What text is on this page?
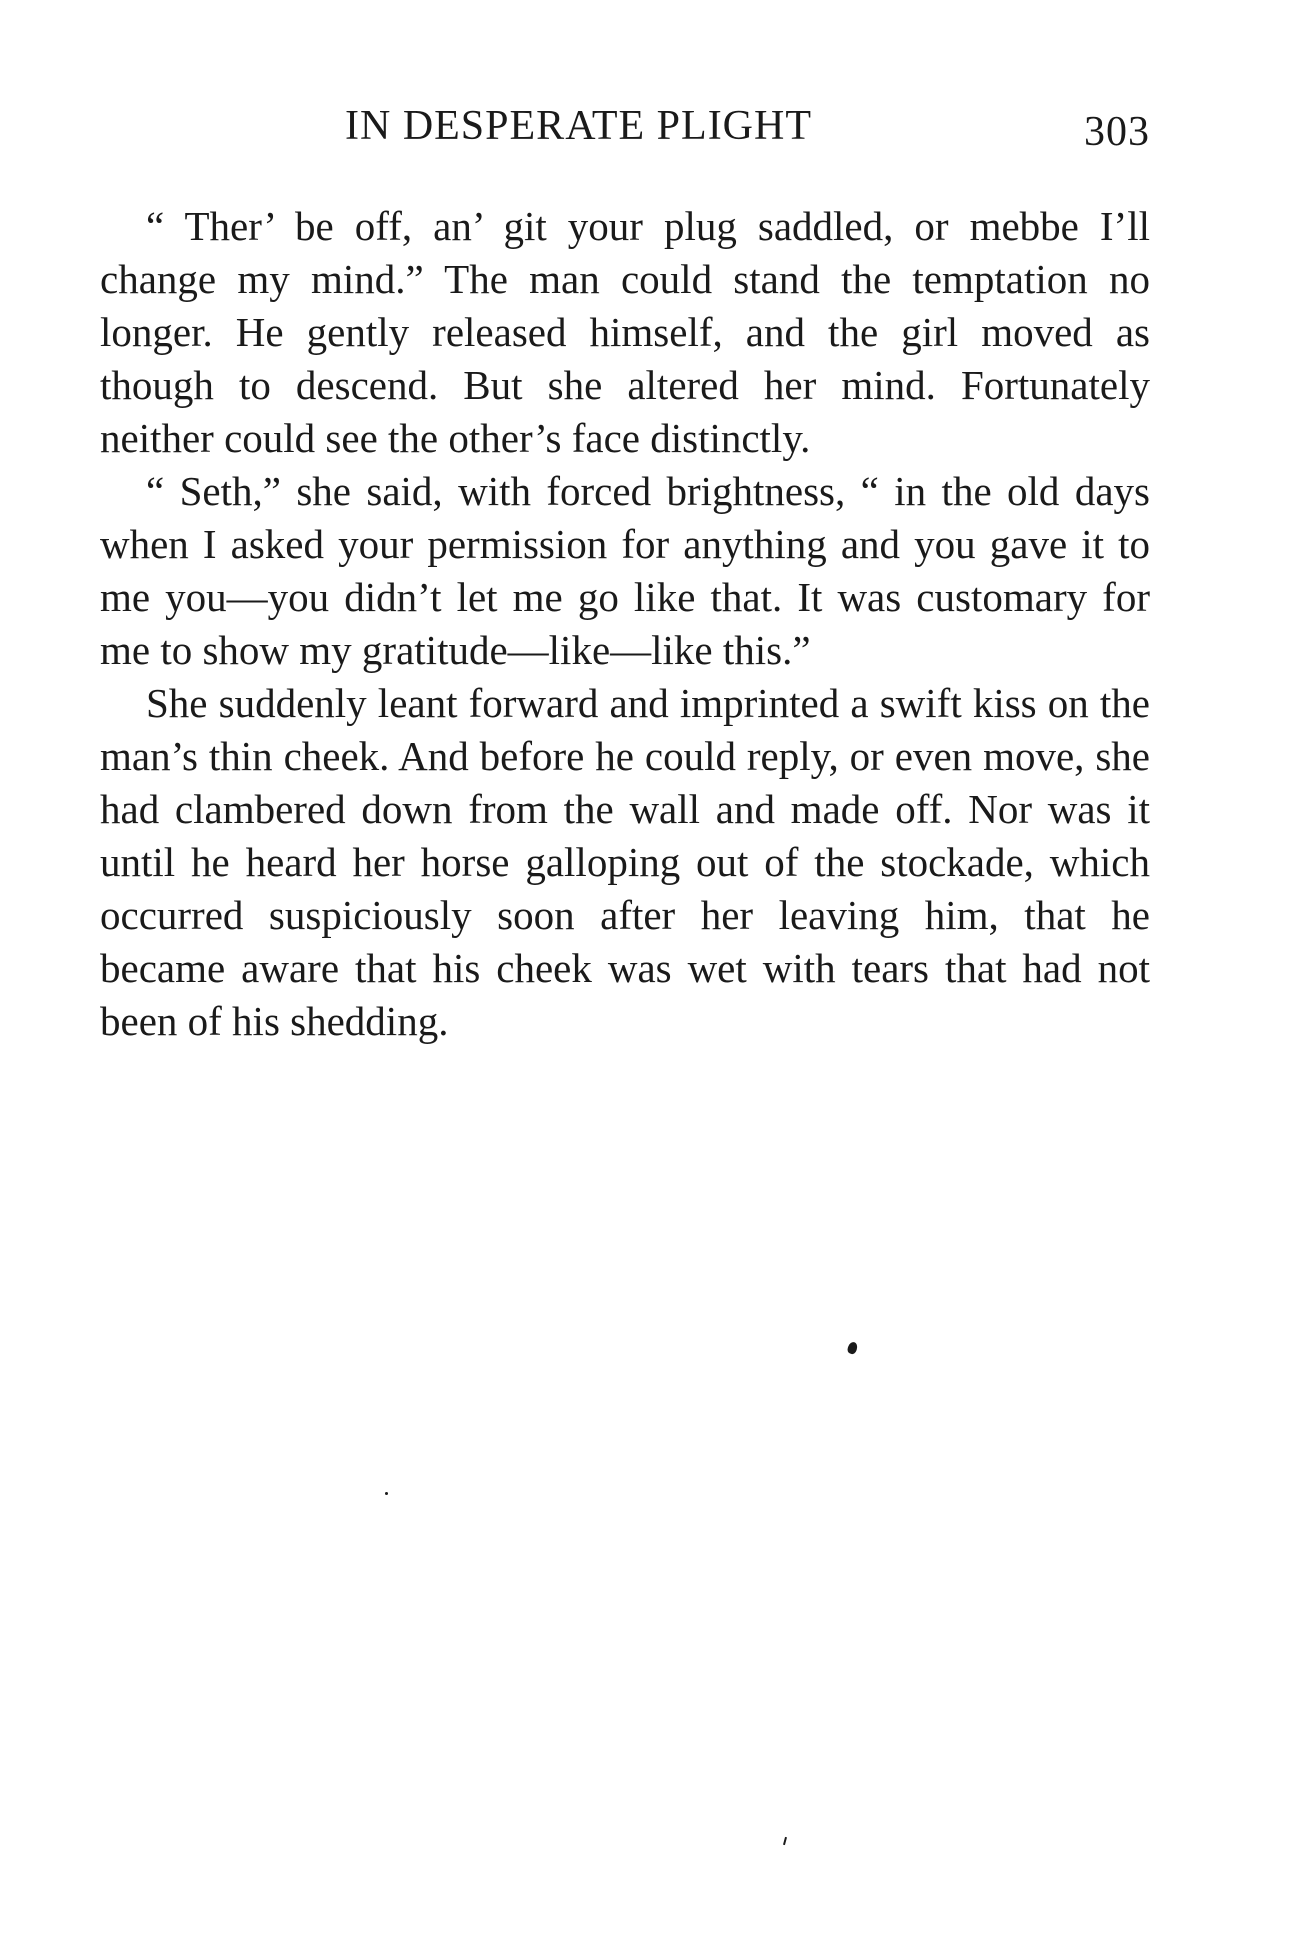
IN DESPERATE PLIGHT	303

“ Ther’ be off, an’ git your plug saddled, or mebbe I’ll change my mind.” The man could stand the temptation no longer. He gently released himself, and the girl moved as though to descend. But she altered her mind. Fortunately neither could see the other’s face distinctly.

“ Seth,” she said, with forced brightness, “ in the old days when I asked your permission for anything and you gave it to me you—you didn’t let me go like that. It was customary for me to show my gratitude—like—like this.”

She suddenly leant forward and imprinted a swift kiss on the man’s thin cheek. And before he could reply, or even move, she had clambered down from the wall and made off. Nor was it until he heard her horse galloping out of the stockade, which occurred suspiciously soon after her leaving him, that he became aware that his cheek was wet with tears that had not been of his shedding.
